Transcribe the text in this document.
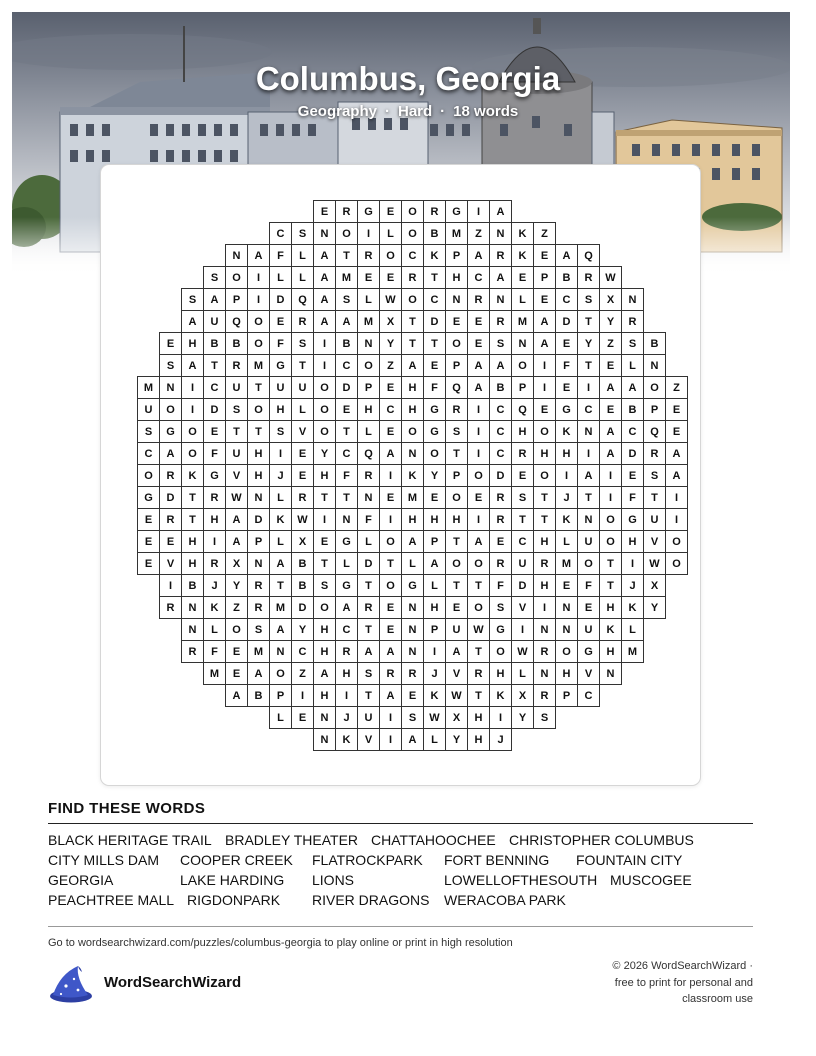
Columbus, Georgia
Geography · Hard · 18 words
E	R	G	E	O	R	G	I	A
C	S	N	O	I	L	O	B	M	Z	N	K	Z
N	A	F	L	A	T	R	O	C	K	P	A	R	K	E	A	Q
S	O	I	L	L	A	M	E	E	R	T	H	C	A	E	P	B	R	W
S	A	P	I	D	Q	A	S	L	W	O	C	N	R	N	L	E	C	S	X	N
A	U	Q	O	E	R	A	A	M	X	T	D	E	E	R	M	A	D	T	Y	R
E	H	B	B	O	F	S	I	B	N	Y	T	T	O	E	S	N	A	E	Y	Z	S	B
S	A	T	R	M	G	T	I	C	O	Z	A	E	P	A	A	O	I	F	T	E	L	N
M	N	I	C	U	T	U	U	O	D	P	E	H	F	Q	A	B	P	I	E	I	A	A	O	Z
U	O	I	D	S	O	H	L	O	E	H	C	H	G	R	I	C	Q	E	G	C	E	B	P	E
S	G	O	E	T	T	S	V	O	T	L	E	O	G	S	I	C	H	O	K	N	A	C	Q	E
C	A	O	F	U	H	I	E	Y	C	Q	A	N	O	T	I	C	R	H	H	I	A	D	R	A
O	R	K	G	V	H	J	E	H	F	R	I	K	Y	P	O	D	E	O	I	A	I	E	S	A
G	D	T	R	W	N	L	R	T	T	N	E	M	E	O	E	R	S	T	J	T	I	F	T	I
E	R	T	H	A	D	K	W	I	N	F	I	H	H	H	I	R	T	T	K	N	O	G	U	I
E	E	H	I	A	P	L	X	E	G	L	O	A	P	T	A	E	C	H	L	U	O	H	V	O
E	V	H	R	X	N	A	B	T	L	D	T	L	A	O	O	R	U	R	M	O	T	I	W	O
I	B	J	Y	R	T	B	S	G	T	O	G	L	T	T	F	D	H	E	F	T	J	X
R	N	K	Z	R	M	D	O	A	R	E	N	H	E	O	S	V	I	N	E	H	K	Y
N	L	O	S	A	Y	H	C	T	E	N	P	U	W	G	I	N	N	U	K	L
R	F	E	M	N	C	H	R	A	A	N	I	A	T	O	W	R	O	G	H	M
M	E	A	O	Z	A	H	S	R	R	J	V	R	H	L	N	H	V	N
A	B	P	I	H	I	T	A	E	K	W	T	K	X	R	P	C
L	E	N	J	U	I	S	W	X	H	I	Y	S
N	K	V	I	A	L	Y	H	J
FIND THESE WORDS
BLACK HERITAGE TRAIL BRADLEY THEATER CHATTAHOOCHEE CHRISTOPHER COLUMBUS
CITY MILLS DAM COOPER CREEK FLATROCKPARK FORT BENNING FOUNTAIN CITY
GEORGIA	LAKE HARDING LIONS	LOWELLOFTHESOUTH MUSCOGEE
PEACHTREE MALL RIGDONPARK RIVER DRAGONS WERACOBA PARK
Go to wordsearchwizard.com/puzzles/columbus-georgia to play online or print in high resolution
WordSearchWizard
© 2026 WordSearchWizard ·
free to print for personal and
classroom use
